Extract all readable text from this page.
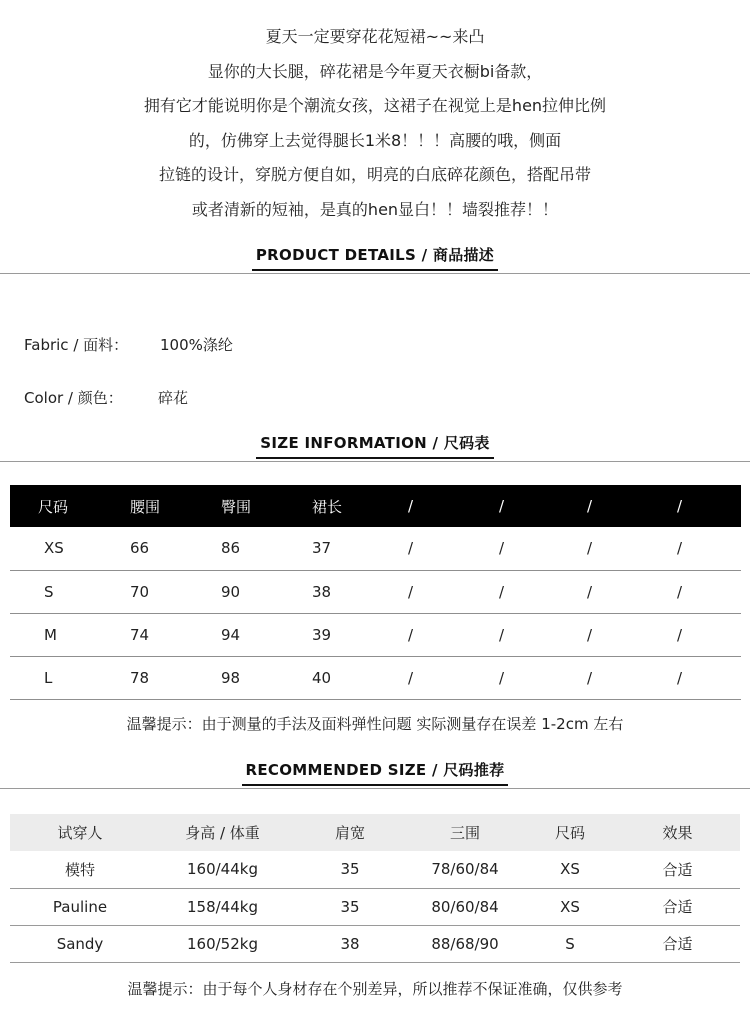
夏天一定要穿花花短裙~~来凸
显你的大长腿，碎花裙是今年夏天衣橱bi备款，
拥有它才能说明你是个潮流女孩，这裙子在视觉上是hen拉伸比例
的，仿佛穿上去觉得腿长1米8！！！高腰的哦，侧面
拉链的设计，穿脱方便自如，明亮的白底碎花颜色，搭配吊带
或者清新的短袖，是真的hen显白！！墙裂推荐！！
PRODUCT DETAILS / 商品描述
Fabric / 面料： 100%涤纶
Color / 颜色： 碎花
SIZE INFORMATION / 尺码表
尺码	腰围	臀围	裙长	/	/	/	/
XS	66	86	37	/	/	/	/
S	70	90	38	/	/	/	/
M	74	94	39	/	/	/	/
L	78	98	40	/	/	/	/
温馨提示：由于测量的手法及面料弹性问题 实际测量存在误差 1-2cm 左右
RECOMMENDED SIZE / 尺码推荐
试穿人	身高 / 体重	肩宽	三围	尺码	效果
模特	160/44kg	35	78/60/84	XS	合适
Pauline	158/44kg	35	80/60/84	XS	合适
Sandy	160/52kg	38	88/68/90	S	合适
温馨提示：由于每个人身材存在个别差异，所以推荐不保证准确，仅供参考
